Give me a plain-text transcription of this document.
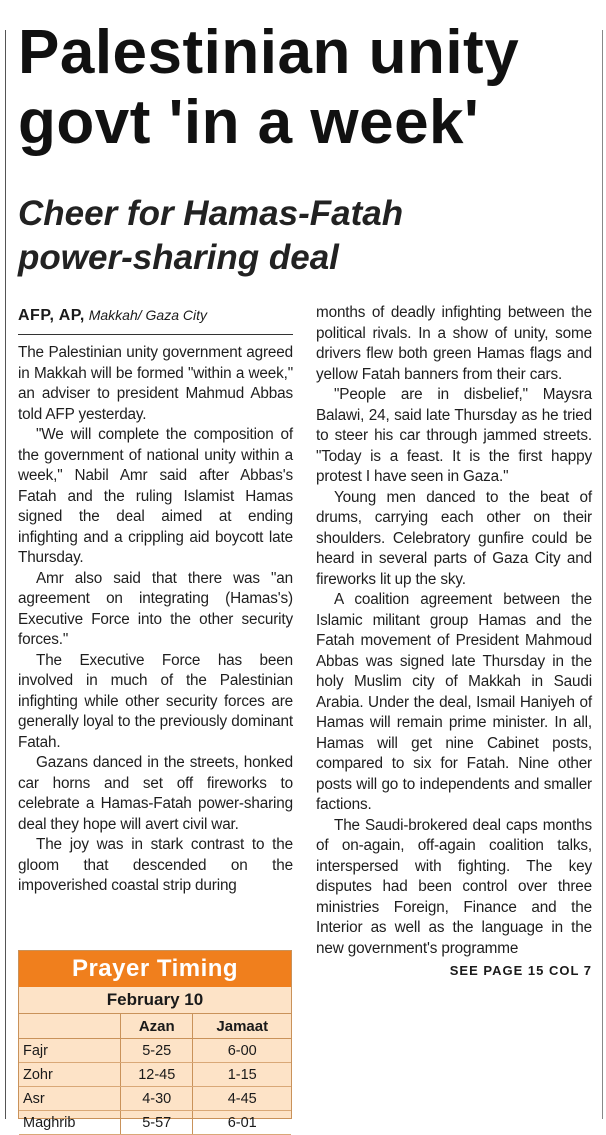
Palestinian unity
govt 'in a week'
Cheer for Hamas-Fatah
power-sharing deal
AFP, AP, Makkah/ Gaza City

The Palestinian unity government agreed in Makkah will be formed "within a week," an adviser to president Mahmud Abbas told AFP yesterday.

"We will complete the composition of the government of national unity within a week," Nabil Amr said after Abbas's Fatah and the ruling Islamist Hamas signed the deal aimed at ending infighting and a crippling aid boycott late Thursday.

Amr also said that there was "an agreement on integrating (Hamas's) Executive Force into the other security forces."

The Executive Force has been involved in much of the Palestinian infighting while other security forces are generally loyal to the previously dominant Fatah.

Gazans danced in the streets, honked car horns and set off fireworks to celebrate a Hamas-Fatah power-sharing deal they hope will avert civil war.

The joy was in stark contrast to the gloom that descended on the impoverished coastal strip during

months of deadly infighting between the political rivals. In a show of unity, some drivers flew both green Hamas flags and yellow Fatah banners from their cars.

"People are in disbelief," Maysra Balawi, 24, said late Thursday as he tried to steer his car through jammed streets. "Today is a feast. It is the first happy protest I have seen in Gaza."

Young men danced to the beat of drums, carrying each other on their shoulders. Celebratory gunfire could be heard in several parts of Gaza City and fireworks lit up the sky.

A coalition agreement between the Islamic militant group Hamas and the Fatah movement of President Mahmoud Abbas was signed late Thursday in the holy Muslim city of Makkah in Saudi Arabia. Under the deal, Ismail Haniyeh of Hamas will remain prime minister. In all, Hamas will get nine Cabinet posts, compared to six for Fatah. Nine other posts will go to independents and smaller factions.

The Saudi-brokered deal caps months of on-again, off-again coalition talks, interspersed with fighting. The key disputes had been control over three ministries Foreign, Finance and the Interior as well as the language in the new government's programme

SEE PAGE 15 COL 7
Prayer Timing
February 10
	Azan	Jamaat
Fajr	5-25	6-00
Zohr	12-45	1-15
Asr	4-30	4-45
Maghrib	5-57	6-01
